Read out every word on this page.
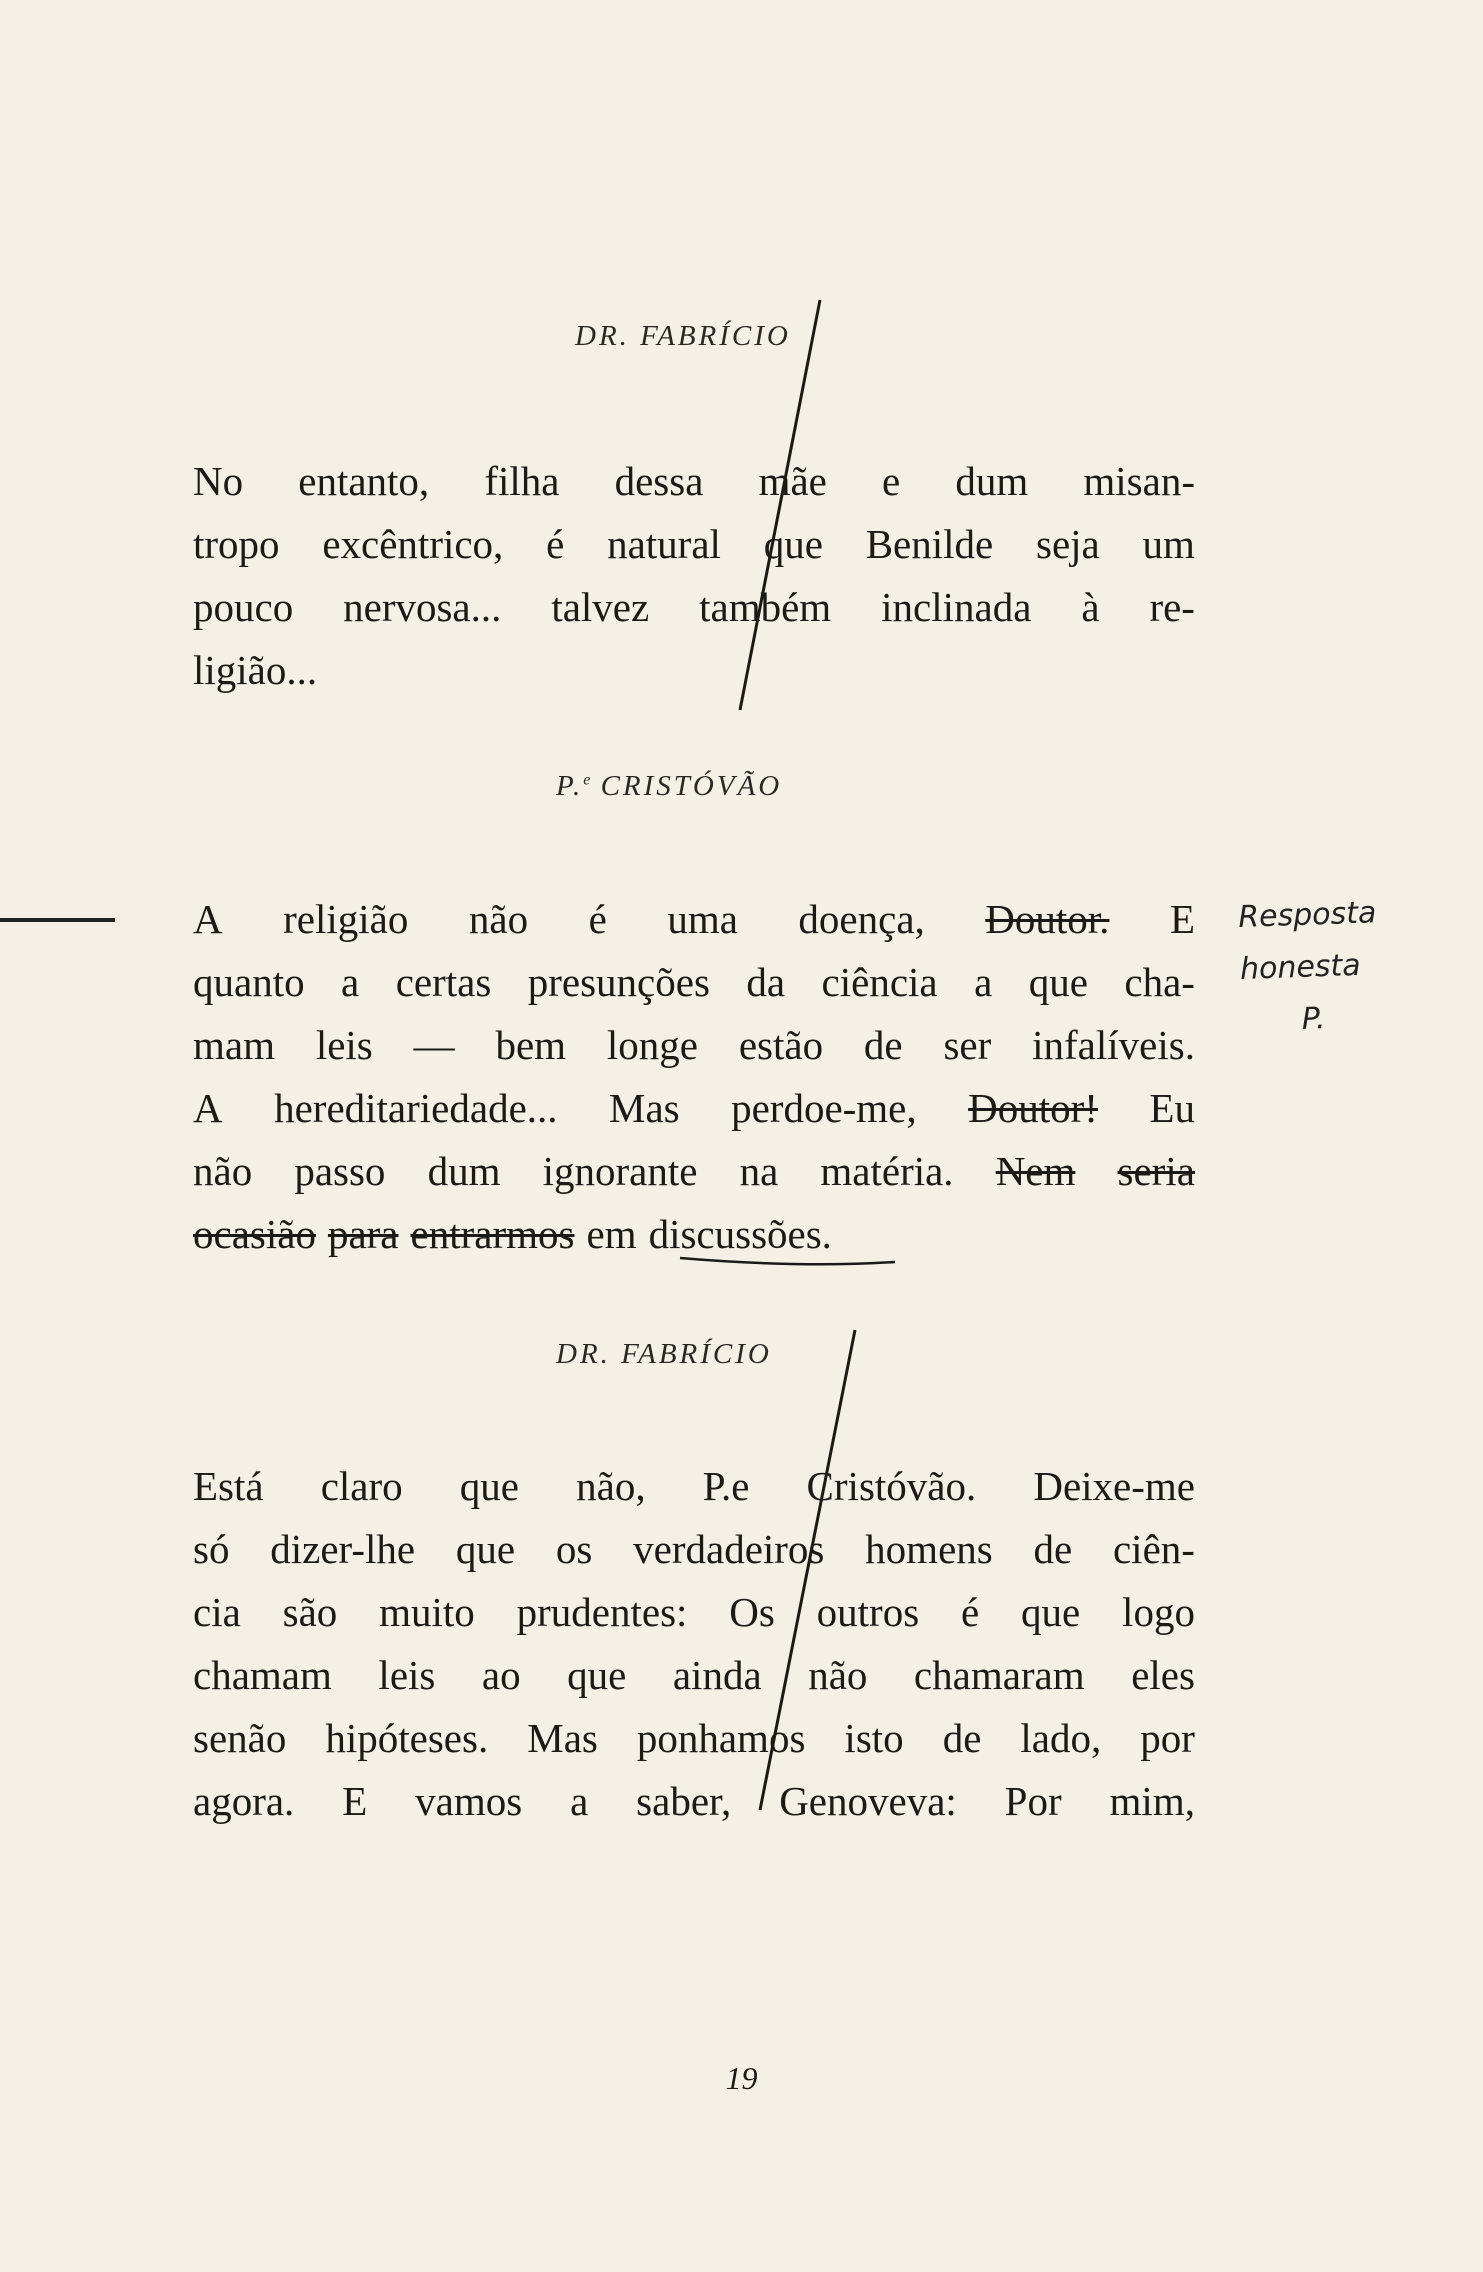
DR. FABRÍCIO
No entanto, filha dessa mãe e dum misan-
tropo excêntrico, é natural que Benilde seja um
pouco nervosa... talvez também inclinada à re-
ligião...
P.$^e$ CRISTÓVÃO
A religião não é uma doença, Doutor. E
quanto a certas presunções da ciência a que cha-
mam leis — bem longe estão de ser infalíveis.
A hereditariedade... Mas perdoe-me, Doutor! Eu
não passo dum ignorante na matéria. Nem seria
ocasião para entrarmos em discussões.
DR. FABRÍCIO
Está claro que não, P.e Cristóvão. Deixe-me
só dizer-lhe que os verdadeiros homens de ciên-
cia são muito prudentes: Os outros é que logo
chamam leis ao que ainda não chamaram eles
senão hipóteses. Mas ponhamos isto de lado, por
agora. E vamos a saber, Genoveva: Por mim,
Resposta
honesta
P.
19
